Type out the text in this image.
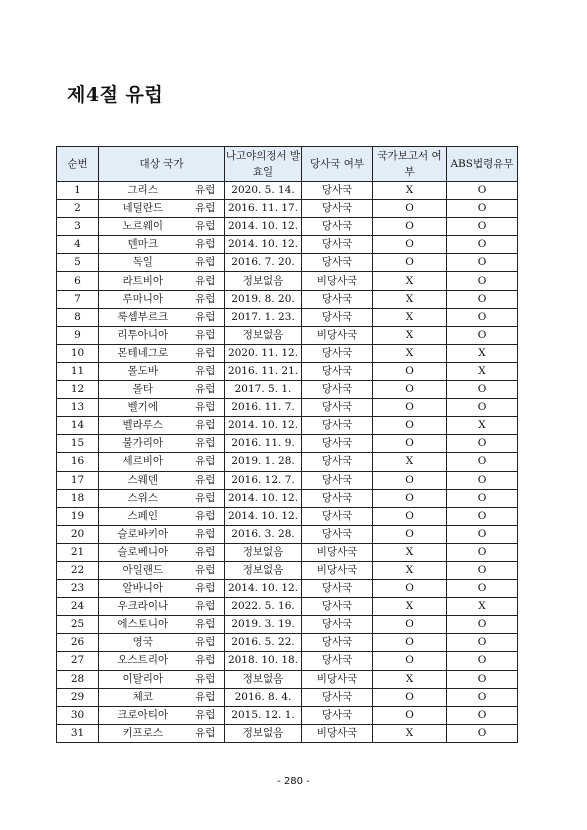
제4절 유럽
순번	대상 국가		나고야의정서 발효일	당사국 여부	국가보고서 여부	ABS법령유무
1	그리스	유럽	2020. 5. 14.	당사국	X	O
2	네덜란드	유럽	2016. 11. 17.	당사국	O	O
3	노르웨이	유럽	2014. 10. 12.	당사국	O	O
4	덴마크	유럽	2014. 10. 12.	당사국	O	O
5	독일	유럽	2016. 7. 20.	당사국	O	O
6	라트비아	유럽	정보없음	비당사국	X	O
7	루마니아	유럽	2019. 8. 20.	당사국	X	O
8	룩셈부르크	유럽	2017. 1. 23.	당사국	X	O
9	리투아니아	유럽	정보없음	비당사국	X	O
10	몬테네그로	유럽	2020. 11. 12.	당사국	X	X
11	몰도바	유럽	2016. 11. 21.	당사국	O	X
12	몰타	유럽	2017. 5. 1.	당사국	O	O
13	벨기에	유럽	2016. 11. 7.	당사국	O	O
14	벨라루스	유럽	2014. 10. 12.	당사국	O	X
15	불가리아	유럽	2016. 11. 9.	당사국	O	O
16	세르비아	유럽	2019. 1. 28.	당사국	X	O
17	스웨덴	유럽	2016. 12. 7.	당사국	O	O
18	스위스	유럽	2014. 10. 12.	당사국	O	O
19	스페인	유럽	2014. 10. 12.	당사국	O	O
20	슬로바키아	유럽	2016. 3. 28.	당사국	O	O
21	슬로베니아	유럽	정보없음	비당사국	X	O
22	아일랜드	유럽	정보없음	비당사국	X	O
23	알바니아	유럽	2014. 10. 12.	당사국	O	O
24	우크라이나	유럽	2022. 5. 16.	당사국	X	X
25	에스토니아	유럽	2019. 3. 19.	당사국	O	O
26	영국	유럽	2016. 5. 22.	당사국	O	O
27	오스트리아	유럽	2018. 10. 18.	당사국	O	O
28	이탈리아	유럽	정보없음	비당사국	X	O
29	체코	유럽	2016. 8. 4.	당사국	O	O
30	크로아티아	유럽	2015. 12. 1.	당사국	O	O
31	키프로스	유럽	정보없음	비당사국	X	O
- 280 -
